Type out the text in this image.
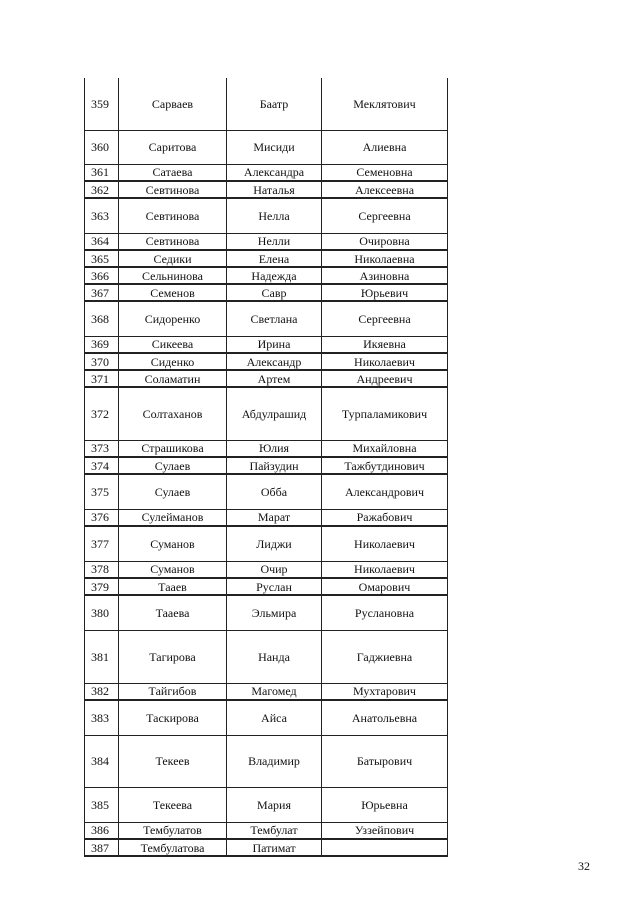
359	Сарваев	Баатр	Меклятович
360	Саритова	Мисиди	Алиевна
361	Сатаева	Александра	Семеновна
362	Севтинова	Наталья	Алексеевна
363	Севтинова	Нелла	Сергеевна
364	Севтинова	Нелли	Очировна
365	Седики	Елена	Николаевна
366	Сельнинова	Надежда	Азиновна
367	Семенов	Савр	Юрьевич
368	Сидоренко	Светлана	Сергеевна
369	Сикеева	Ирина	Икяевна
370	Сиденко	Александр	Николаевич
371	Соламатин	Артем	Андреевич
372	Солтаханов	Абдулрашид	Турпаламикович
373	Страшикова	Юлия	Михайловна
374	Сулаев	Пайзудин	Тажбутдинович
375	Сулаев	Обба	Александрович
376	Сулейманов	Марат	Ражабович
377	Суманов	Лиджи	Николаевич
378	Суманов	Очир	Николаевич
379	Тааев	Руслан	Омарович
380	Таaева	Эльмира	Руслановна
381	Тагирова	Нанда	Гаджиевна
382	Тайгибов	Магомед	Мухтарович
383	Таскирова	Айса	Анатольевна
384	Текеев	Владимир	Батырович
385	Текеева	Мария	Юрьевна
386	Тембулатов	Тембулат	Уззейпович
387	Тембулатова	Патимат	
32
